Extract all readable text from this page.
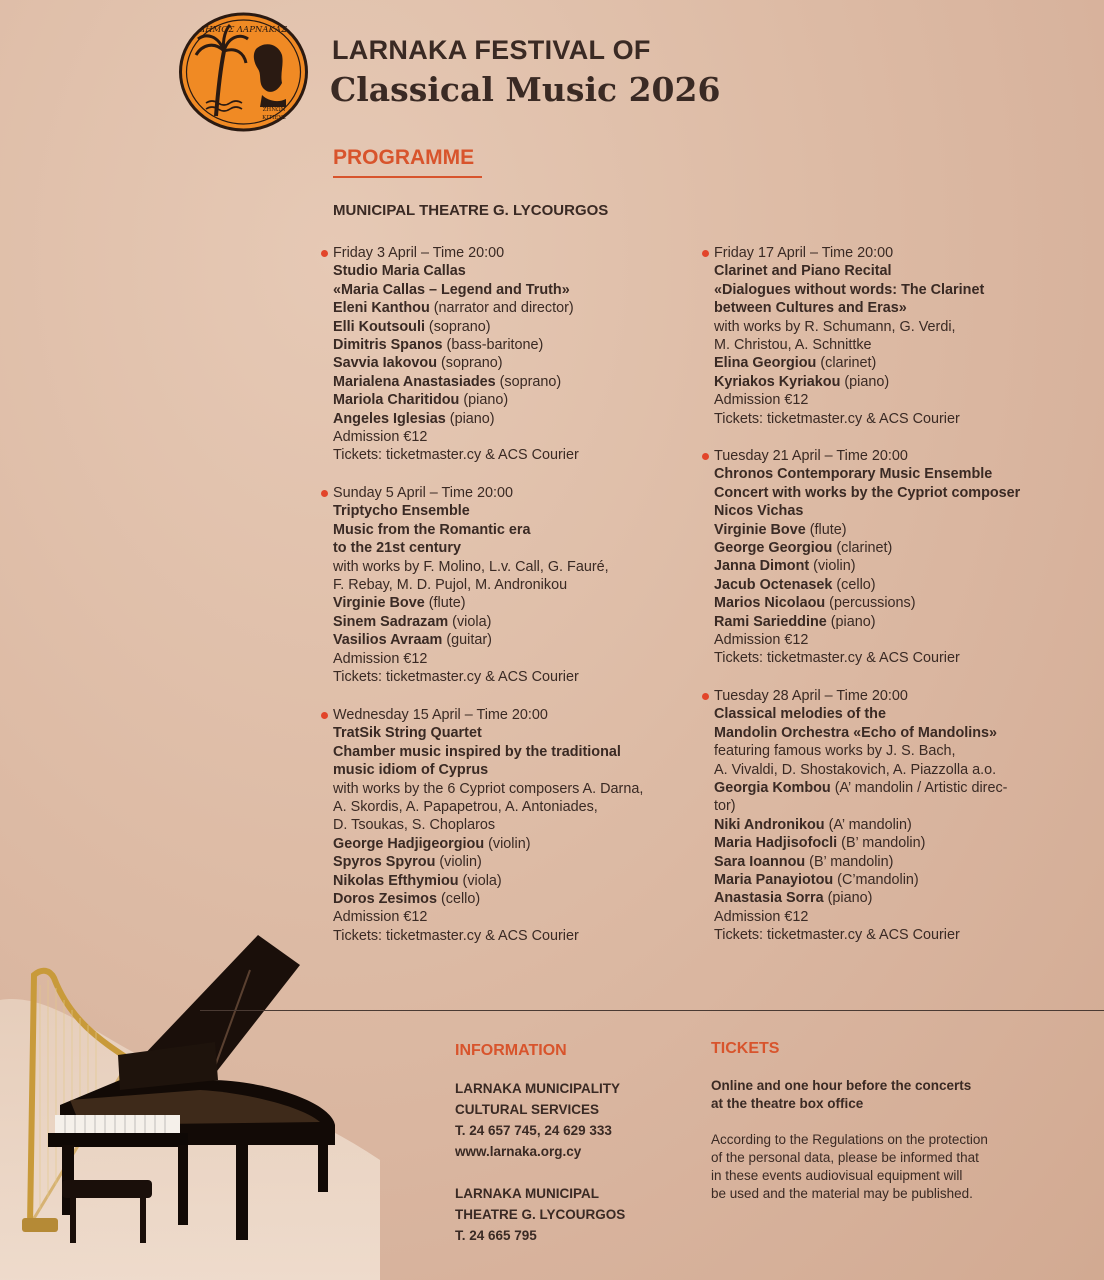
ΔΗΜΟΣ ΛΑΡΝΑΚΑΣ
ΖΗΝΩΝ
ΚΙΤΙΕΥΣ
LARNAKA FESTIVAL OF
Classical Music 2026
PROGRAMME
MUNICIPAL THEATRE G. LYCOURGOS
Friday 3 April – Time 20:00
Studio Maria Callas
«Maria Callas – Legend and Truth»
Eleni Kanthou (narrator and director)
Elli Koutsouli (soprano)
Dimitris Spanos (bass-baritone)
Savvia Iakovou (soprano)
Marialena Anastasiades (soprano)
Mariola Charitidou (piano)
Angeles Iglesias (piano)
Admission €12
Tickets: ticketmaster.cy & ACS Courier
Sunday 5 April – Time 20:00
Triptycho Ensemble
Music from the Romantic era
to the 21st century
with works by F. Molino, L.v. Call, G. Fauré,
F. Rebay, M. D. Pujol, M. Andronikou
Virginie Bove (flute)
Sinem Sadrazam (viola)
Vasilios Avraam (guitar)
Admission €12
Tickets: ticketmaster.cy & ACS Courier
Wednesday 15 April – Time 20:00
TratSik String Quartet
Chamber music inspired by the traditional
music idiom of Cyprus
with works by the 6 Cypriot composers A. Darna,
A. Skordis, A. Papapetrou, A. Antoniades,
D. Tsoukas, S. Choplaros
George Hadjigeorgiou (violin)
Spyros Spyrou (violin)
Nikolas Efthymiou (viola)
Doros Zesimos (cello)
Admission €12
Tickets: ticketmaster.cy & ACS Courier
Friday 17 April – Time 20:00
Clarinet and Piano Recital
«Dialogues without words: The Clarinet
between Cultures and Eras»
with works by R. Schumann, G. Verdi,
M. Christou, A. Schnittke
Elina Georgiou (clarinet)
Kyriakos Kyriakou (piano)
Admission €12
Tickets: ticketmaster.cy & ACS Courier
Tuesday 21 April – Time 20:00
Chronos Contemporary Music Ensemble
Concert with works by the Cypriot composer
Nicos Vichas
Virginie Bove (flute)
George Georgiou (clarinet)
Janna Dimont (violin)
Jacub Octenasek (cello)
Marios Nicolaou (percussions)
Rami Sarieddine (piano)
Admission €12
Tickets: ticketmaster.cy & ACS Courier
Tuesday 28 April – Time 20:00
Classical melodies of the
Mandolin Orchestra «Echo of Mandolins»
featuring famous works by J. S. Bach,
A. Vivaldi, D. Shostakovich, A. Piazzolla a.o.
Georgia Kombou (A’ mandolin / Artistic direc-
tor)
Niki Andronikou (A’ mandolin)
Maria Hadjisofocli (B’ mandolin)
Sara Ioannou (B’ mandolin)
Maria Panayiotou (C’mandolin)
Anastasia Sorra (piano)
Admission €12
Tickets: ticketmaster.cy & ACS Courier
INFORMATION
LARNAKA MUNICIPALITY
CULTURAL SERVICES
T. 24 657 745, 24 629 333
www.larnaka.org.cy
LARNAKA MUNICIPAL
THEATRE G. LYCOURGOS
T. 24 665 795
TICKETS
Online and one hour before the concerts
at the theatre box office
According to the Regulations on the protection
of the personal data, please be informed that
in these events audiovisual equipment will
be used and the material may be published.
